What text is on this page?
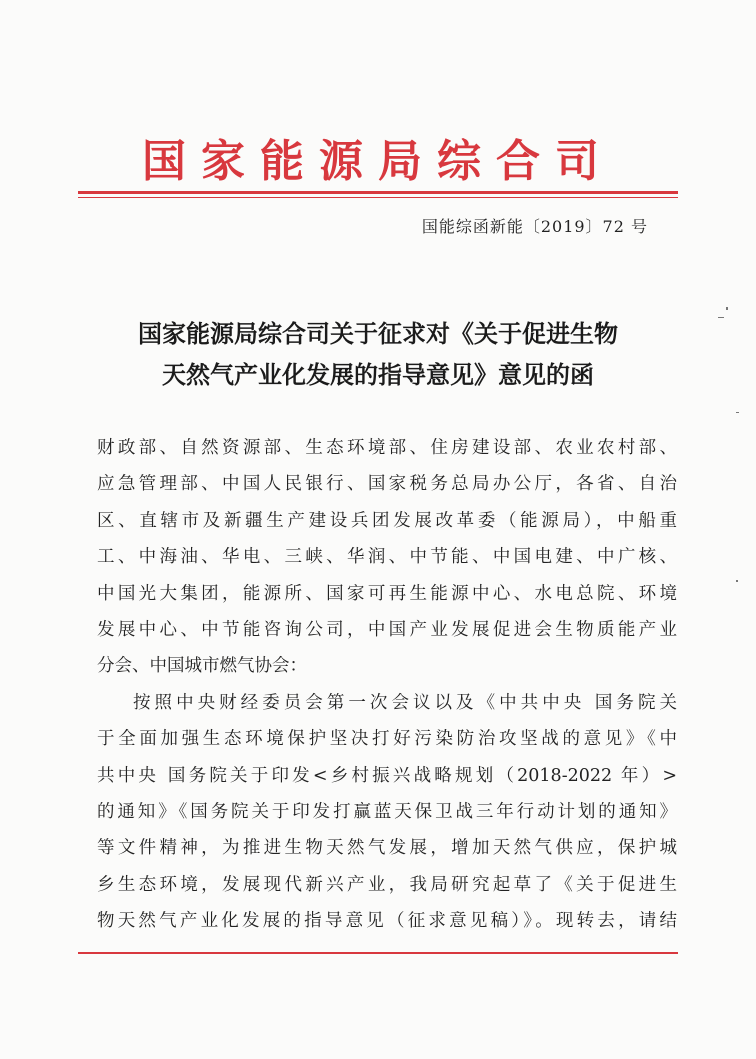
国家能源局综合司
国能综函新能〔2019〕72 号
国家能源局综合司关于征求对《关于促进生物
天然气产业化发展的指导意见》意见的函
财政部、自然资源部、生态环境部、住房建设部、农业农村部、
应急管理部、中国人民银行、国家税务总局办公厅，各省、自治
区、直辖市及新疆生产建设兵团发展改革委（能源局），中船重
工、中海油、华电、三峡、华润、中节能、中国电建、中广核、
中国光大集团，能源所、国家可再生能源中心、水电总院、环境
发展中心、中节能咨询公司，中国产业发展促进会生物质能产业
分会、中国城市燃气协会：
按照中央财经委员会第一次会议以及《中共中央 国务院关
于全面加强生态环境保护坚决打好污染防治攻坚战的意见》《中
共中央 国务院关于印发<乡村振兴战略规划（2018-2022 年）>
的通知》《国务院关于印发打赢蓝天保卫战三年行动计划的通知》
等文件精神，为推进生物天然气发展，增加天然气供应，保护城
乡生态环境，发展现代新兴产业，我局研究起草了《关于促进生
物天然气产业化发展的指导意见（征求意见稿）》。现转去，请结
